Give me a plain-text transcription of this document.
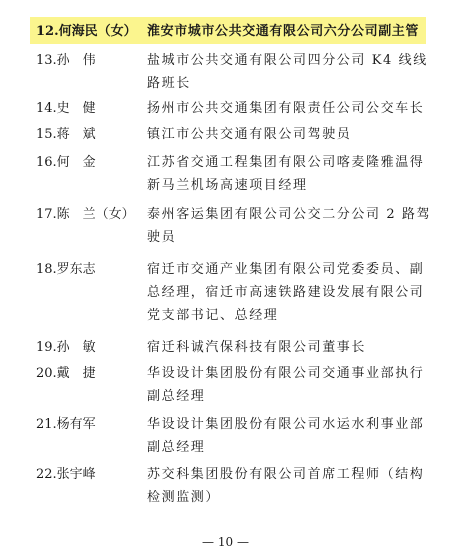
12.何海民（女） 淮安市城市公共交通有限公司六分公司副主管
13.孙　伟	盐城市公共交通有限公司四分公司 K4 线线
路班长
14.史　健	扬州市公共交通集团有限责任公司公交车长
15.蒋　斌	镇江市公共交通有限公司驾驶员
16.何　金	江苏省交通工程集团有限公司喀麦隆雅温得
新马兰机场高速项目经理
17.陈　兰（女） 泰州客运集团有限公司公交二分公司 2 路驾
驶员
18.罗东志	宿迁市交通产业集团有限公司党委委员、副
总经理，宿迁市高速铁路建设发展有限公司
党支部书记、总经理
19.孙　敏	宿迁科诚汽保科技有限公司董事长
20.戴　捷	华设设计集团股份有限公司交通事业部执行
副总经理
21.杨有军	华设设计集团股份有限公司水运水利事业部
副总经理
22.张宇峰	苏交科集团股份有限公司首席工程师（结构
检测监测）
— 10 —
